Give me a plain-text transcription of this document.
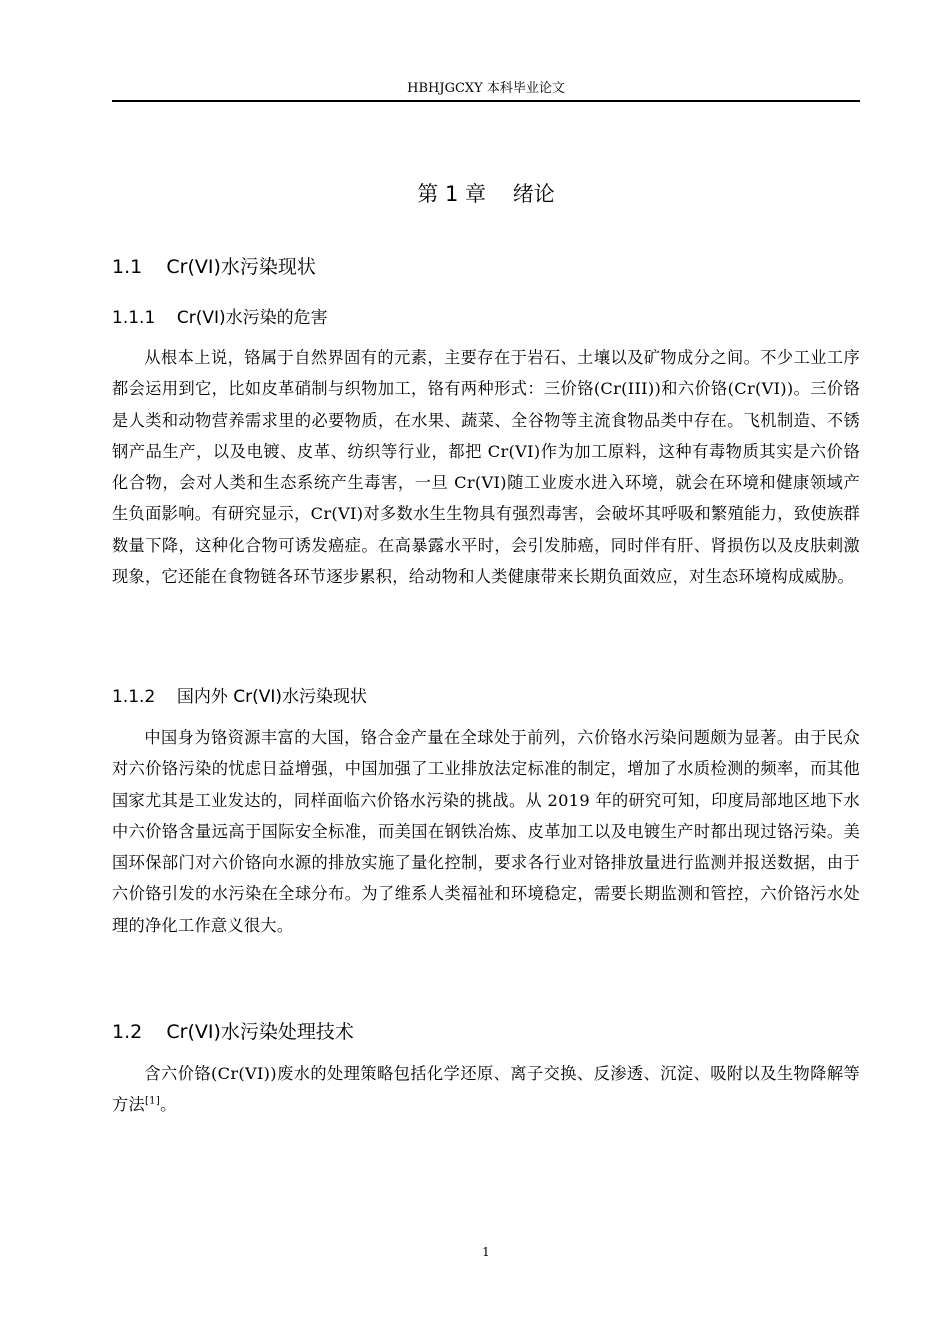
HBHJGCXY 本科毕业论文
第 1 章    绪论
1.1    Cr(VI)水污染现状
1.1.1    Cr(VI)水污染的危害

从根本上说，铬属于自然界固有的元素，主要存在于岩石、土壤以及矿物成分之间。不少工业工序都会运用到它，比如皮革硝制与织物加工，铬有两种形式：三价铬(Cr(III))和六价铬(Cr(VI))。三价铬是人类和动物营养需求里的必要物质，在水果、蔬菜、全谷物等主流食物品类中存在。飞机制造、不锈钢产品生产，以及电镀、皮革、纺织等行业，都把 Cr(VI)作为加工原料，这种有毒物质其实是六价铬化合物，会对人类和生态系统产生毒害，一旦 Cr(VI)随工业废水进入环境，就会在环境和健康领域产生负面影响。有研究显示，Cr(VI)对多数水生生物具有强烈毒害，会破坏其呼吸和繁殖能力，致使族群数量下降，这种化合物可诱发癌症。在高暴露水平时，会引发肺癌，同时伴有肝、肾损伤以及皮肤刺激现象，它还能在食物链各环节逐步累积，给动物和人类健康带来长期负面效应，对生态环境构成威胁。

1.1.2    国内外 Cr(VI)水污染现状

中国身为铬资源丰富的大国，铬合金产量在全球处于前列，六价铬水污染问题颇为显著。由于民众对六价铬污染的忧虑日益增强，中国加强了工业排放法定标准的制定，增加了水质检测的频率，而其他国家尤其是工业发达的，同样面临六价铬水污染的挑战。从 2019 年的研究可知，印度局部地区地下水中六价铬含量远高于国际安全标准，而美国在钢铁冶炼、皮革加工以及电镀生产时都出现过铬污染。美国环保部门对六价铬向水源的排放实施了量化控制，要求各行业对铬排放量进行监测并报送数据，由于六价铬引发的水污染在全球分布。为了维系人类福祉和环境稳定，需要长期监测和管控，六价铬污水处理的净化工作意义很大。

1.2    Cr(VI)水污染处理技术

含六价铬(Cr(VI))废水的处理策略包括化学还原、离子交换、反渗透、沉淀、吸附以及生物降解等方法[1]。

1
